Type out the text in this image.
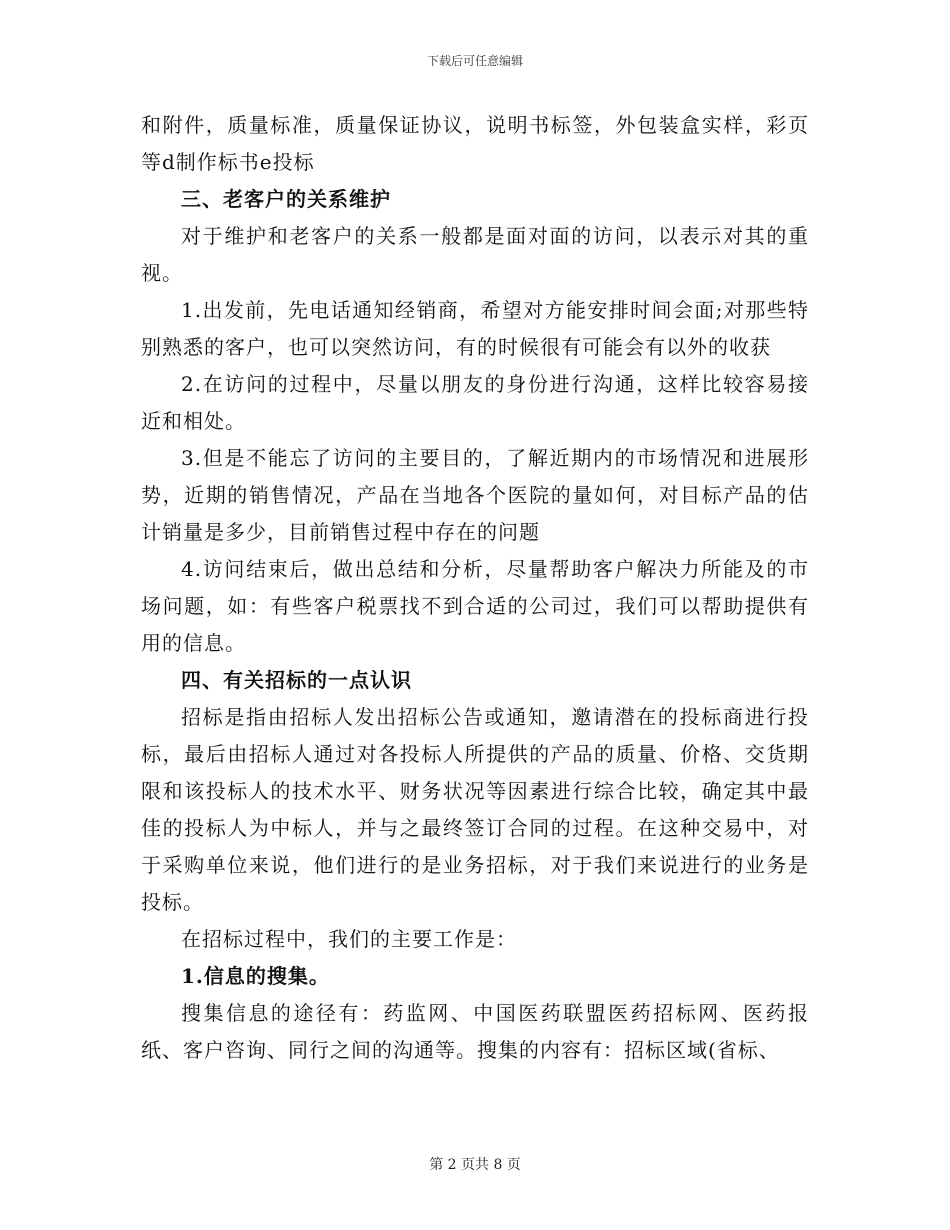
下载后可任意编辑

和附件，质量标准，质量保证协议，说明书标签，外包装盒实样，彩页等d制作标书e投标

三、老客户的关系维护

对于维护和老客户的关系一般都是面对面的访问，以表示对其的重视。

1.出发前，先电话通知经销商，希望对方能安排时间会面;对那些特别熟悉的客户，也可以突然访问，有的时候很有可能会有以外的收获

2.在访问的过程中，尽量以朋友的身份进行沟通，这样比较容易接近和相处。

3.但是不能忘了访问的主要目的，了解近期内的市场情况和进展形势，近期的销售情况，产品在当地各个医院的量如何，对目标产品的估计销量是多少，目前销售过程中存在的问题

4.访问结束后，做出总结和分析，尽量帮助客户解决力所能及的市场问题，如：有些客户税票找不到合适的公司过，我们可以帮助提供有用的信息。

四、有关招标的一点认识

招标是指由招标人发出招标公告或通知，邀请潜在的投标商进行投标，最后由招标人通过对各投标人所提供的产品的质量、价格、交货期限和该投标人的技术水平、财务状况等因素进行综合比较，确定其中最佳的投标人为中标人，并与之最终签订合同的过程。在这种交易中，对于采购单位来说，他们进行的是业务招标，对于我们来说进行的业务是投标。

在招标过程中，我们的主要工作是：

1.信息的搜集。

搜集信息的途径有：药监网、中国医药联盟医药招标网、医药报纸、客户咨询、同行之间的沟通等。搜集的内容有：招标区域(省标、

第 2 页共 8 页
